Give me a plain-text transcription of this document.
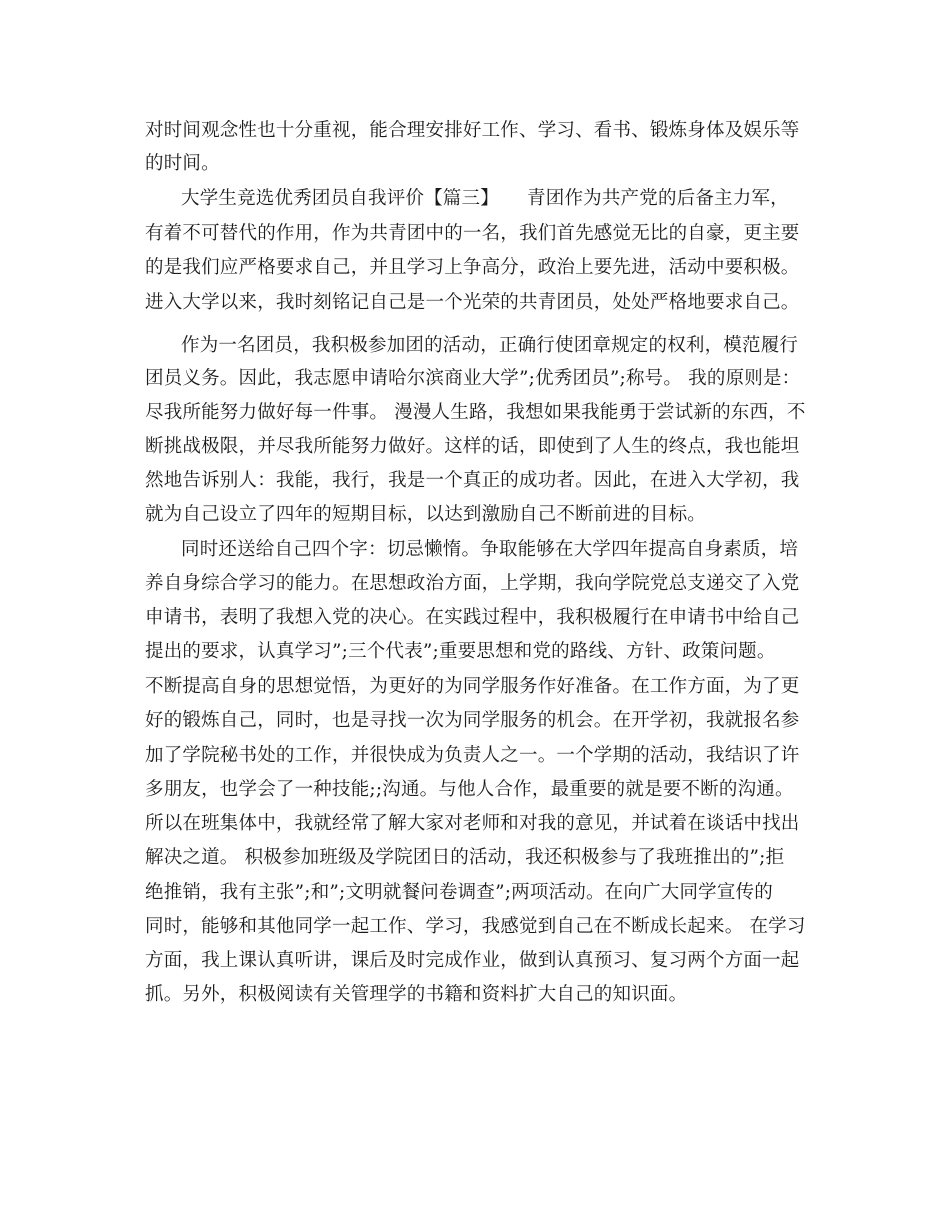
对时间观念性也十分重视，能合理安排好工作、学习、看书、锻炼身体及娱乐等

的时间。

大学生竞选优秀团员自我评价【篇三】　　青团作为共产党的后备主力军，

有着不可替代的作用，作为共青团中的一名，我们首先感觉无比的自豪，更主要

的是我们应严格要求自己，并且学习上争高分，政治上要先进，活动中要积极。

进入大学以来，我时刻铭记自己是一个光荣的共青团员，处处严格地要求自己。

作为一名团员，我积极参加团的活动，正确行使团章规定的权利，模范履行

团员义务。因此，我志愿申请哈尔滨商业大学”;优秀团员”;称号。 我的原则是：

尽我所能努力做好每一件事。 漫漫人生路，我想如果我能勇于尝试新的东西，不

断挑战极限，并尽我所能努力做好。这样的话，即使到了人生的终点，我也能坦

然地告诉别人：我能，我行，我是一个真正的成功者。因此，在进入大学初，我

就为自己设立了四年的短期目标，以达到激励自己不断前进的目标。

同时还送给自己四个字：切忌懒惰。争取能够在大学四年提高自身素质，培

养自身综合学习的能力。在思想政治方面，上学期，我向学院党总支递交了入党

申请书，表明了我想入党的决心。在实践过程中，我积极履行在申请书中给自己

提出的要求，认真学习”;三个代表”;重要思想和党的路线、方针、政策问题。

不断提高自身的思想觉悟，为更好的为同学服务作好准备。在工作方面，为了更

好的锻炼自己，同时，也是寻找一次为同学服务的机会。在开学初，我就报名参

加了学院秘书处的工作，并很快成为负责人之一。一个学期的活动，我结识了许

多朋友，也学会了一种技能;;沟通。与他人合作，最重要的就是要不断的沟通。

所以在班集体中，我就经常了解大家对老师和对我的意见，并试着在谈话中找出

解决之道。 积极参加班级及学院团日的活动，我还积极参与了我班推出的”;拒

绝推销，我有主张”;和”;文明就餐问卷调查”;两项活动。在向广大同学宣传的

同时，能够和其他同学一起工作、学习，我感觉到自己在不断成长起来。 在学习

方面，我上课认真听讲，课后及时完成作业，做到认真预习、复习两个方面一起

抓。另外，积极阅读有关管理学的书籍和资料扩大自己的知识面。
